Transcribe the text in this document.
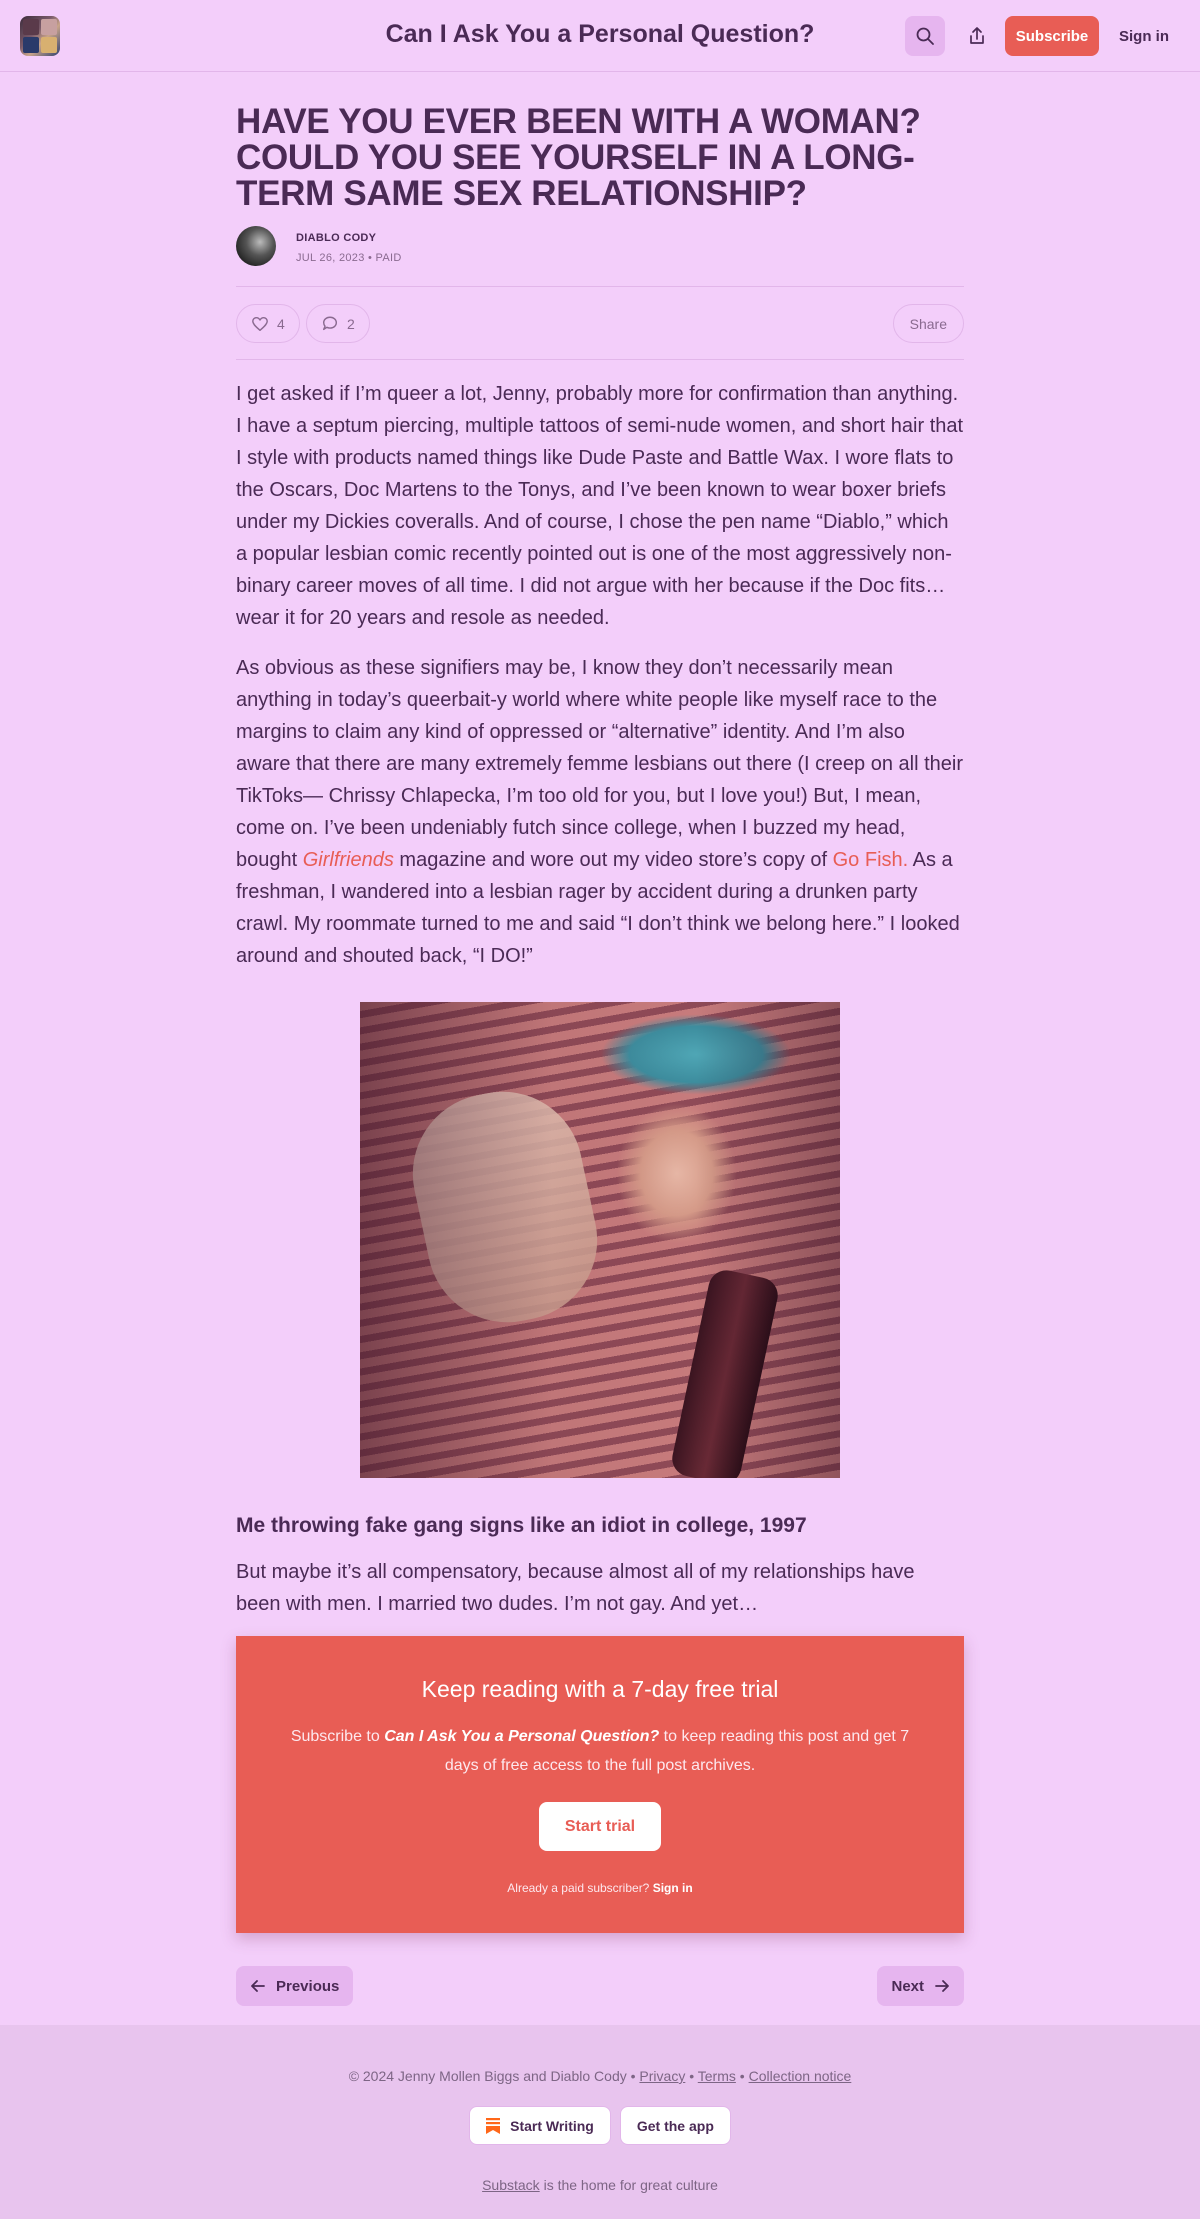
Can I Ask You a Personal Question?	Subscribe	Sign in
HAVE YOU EVER BEEN WITH A WOMAN? COULD YOU SEE YOURSELF IN A LONG-TERM SAME SEX RELATIONSHIP?
DIABLO CODY
JUL 26, 2023 • PAID
4	2	Share

I get asked if I’m queer a lot, Jenny, probably more for confirmation than anything. I have a septum piercing, multiple tattoos of semi-nude women, and short hair that I style with products named things like Dude Paste and Battle Wax. I wore flats to the Oscars, Doc Martens to the Tonys, and I’ve been known to wear boxer briefs under my Dickies coveralls. And of course, I chose the pen name “Diablo,” which a popular lesbian comic recently pointed out is one of the most aggressively non-binary career moves of all time. I did not argue with her because if the Doc fits… wear it for 20 years and resole as needed.

As obvious as these signifiers may be, I know they don’t necessarily mean anything in today’s queerbait-y world where white people like myself race to the margins to claim any kind of oppressed or “alternative” identity. And I’m also aware that there are many extremely femme lesbians out there (I creep on all their TikToks— Chrissy Chlapecka, I’m too old for you, but I love you!) But, I mean, come on. I’ve been undeniably futch since college, when I buzzed my head, bought Girlfriends magazine and wore out my video store’s copy of Go Fish. As a freshman, I wandered into a lesbian rager by accident during a drunken party crawl. My roommate turned to me and said “I don’t think we belong here.” I looked around and shouted back, “I DO!”

Me throwing fake gang signs like an idiot in college, 1997

But maybe it’s all compensatory, because almost all of my relationships have been with men. I married two dudes. I’m not gay. And yet…

Keep reading with a 7-day free trial
Subscribe to Can I Ask You a Personal Question? to keep reading this post and get 7 days of free access to the full post archives.
Start trial
Already a paid subscriber? Sign in
Previous	Next
© 2024 Jenny Mollen Biggs and Diablo Cody • Privacy • Terms • Collection notice
Start Writing	Get the app
Substack is the home for great culture
